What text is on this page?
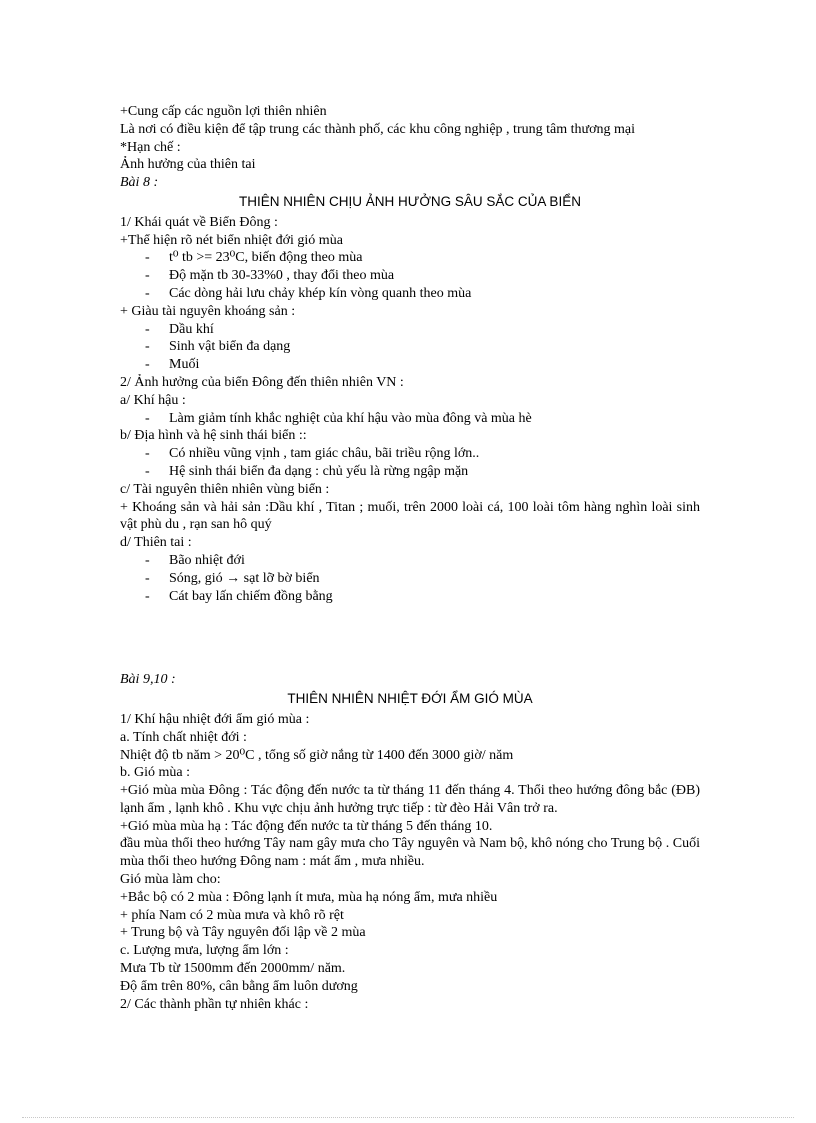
+Cung cấp các nguồn lợi thiên nhiên
Là nơi có điều kiện để tập trung các thành phố, các khu công nghiệp , trung tâm thương mại
*Hạn chế :
Ảnh hưởng của thiên tai
Bài 8 :
THIÊN NHIÊN CHỊU ẢNH HƯỞNG SÂU SẮC CỦA BIỂN
1/ Khái quát về Biển Đông :
+Thể hiện rõ nét biển nhiệt đới gió mùa
- t⁰ tb >= 23⁰C, biến động theo mùa
- Độ mặn tb 30-33%0 , thay đổi theo mùa
- Các dòng hải lưu chảy khép kín vòng quanh theo mùa
+ Giàu tài nguyên khoáng sản :
- Dầu khí
- Sinh vật biển đa dạng
- Muối
2/ Ảnh hưởng của biển Đông đến thiên nhiên VN :
a/ Khí hậu :
- Làm giảm tính khắc nghiệt của khí hậu vào mùa đông và mùa hè
b/ Địa hình và hệ sinh thái biển ::
- Có nhiều vũng vịnh , tam giác châu, bãi triều rộng lớn..
- Hệ sinh thái biển đa dạng : chủ yếu là rừng ngập mặn
c/ Tài nguyên thiên nhiên vùng biển :
+ Khoáng sản và hải sản :Dầu khí , Titan ; muối, trên 2000 loài cá, 100 loài tôm hàng nghìn loài sinh vật phù du , rạn san hô quý
d/ Thiên tai :
- Bão nhiệt đới
- Sóng, gió → sạt lỡ bờ biển
- Cát bay lấn chiếm đồng bằng
Bài 9,10 :
THIÊN NHIÊN NHIỆT ĐỚI ẨM GIÓ MÙA
1/ Khí hậu nhiệt đới ẩm gió mùa :
a. Tính chất nhiệt đới :
Nhiệt độ tb năm > 20⁰C , tổng số giờ nắng từ 1400 đến 3000 giờ/ năm
b. Gió mùa :
+Gió mùa mùa Đông : Tác động đến nước ta từ tháng 11 đến tháng 4. Thổi theo hướng đông bắc (ĐB) lạnh ẩm , lạnh khô . Khu vực chịu ảnh hưởng trực tiếp : từ đèo Hải Vân trở ra.
+Gió mùa mùa hạ : Tác động đến nước ta từ tháng 5 đến tháng 10.
đầu mùa thổi theo hướng Tây nam gây mưa cho Tây nguyên và Nam bộ, khô nóng cho Trung bộ . Cuối mùa thổi theo hướng Đông nam : mát ẩm , mưa nhiều.
Gió mùa làm cho:
+Bắc bộ có 2 mùa : Đông lạnh ít mưa, mùa hạ nóng ẩm, mưa nhiều
+ phía Nam có 2 mùa mưa và khô rõ rệt
+ Trung bộ và Tây nguyên đối lập về 2 mùa
c. Lượng mưa, lượng ẩm lớn :
Mưa Tb từ 1500mm đến 2000mm/ năm.
Độ ẩm trên 80%, cân bằng ẩm luôn dương
2/ Các thành phần tự nhiên khác :
